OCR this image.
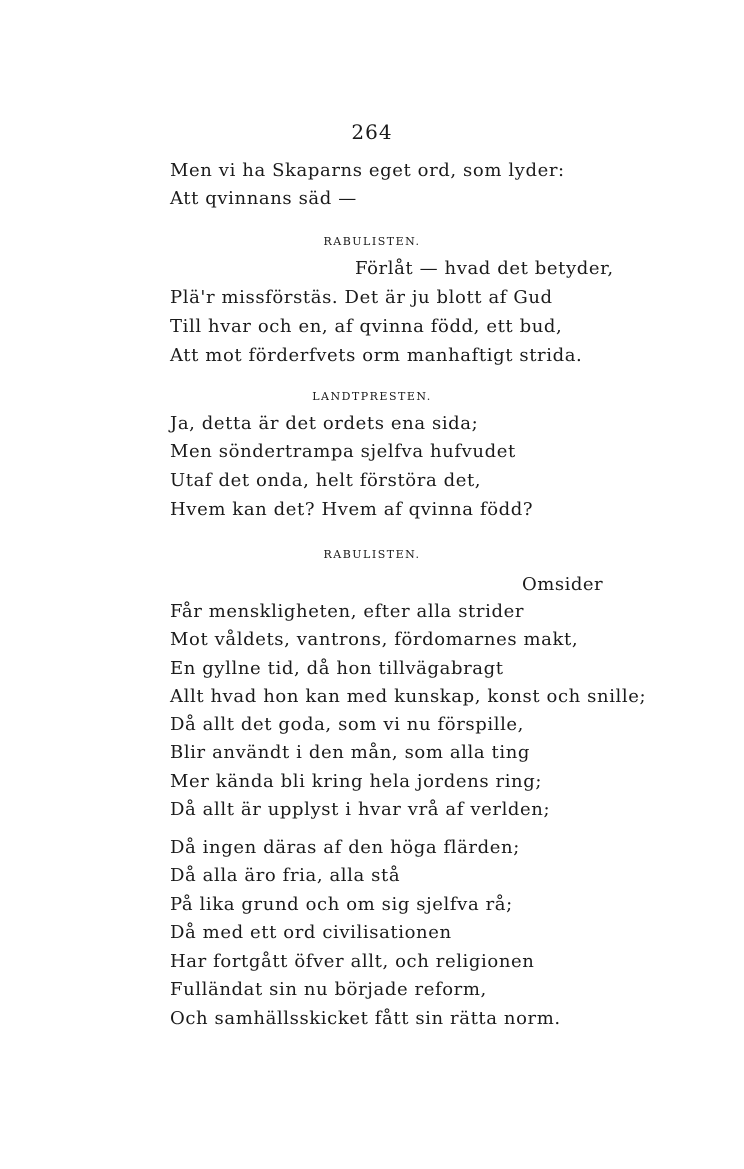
264
Men vi ha Skaparns eget ord, som lyder:
Att qvinnans säd —
RABULISTEN.
Förlåt — hvad det betyder,
Plä'r missförstäs. Det är ju blott af Gud
Till hvar och en, af qvinna född, ett bud,
Att mot förderfvets orm manhaftigt strida.
LANDTPRESTEN.
Ja, detta är det ordets ena sida;
Men söndertrampa sjelfva hufvudet
Utaf det onda, helt förstöra det,
Hvem kan det? Hvem af qvinna född?
RABULISTEN.
Omsider
Får menskligheten, efter alla strider
Mot våldets, vantrons, fördomarnes makt,
En gyllne tid, då hon tillvägabragt
Allt hvad hon kan med kunskap, konst och snille;
Då allt det goda, som vi nu förspille,
Blir användt i den mån, som alla ting
Mer kända bli kring hela jordens ring;
Då allt är upplyst i hvar vrå af verlden;
Då ingen däras af den höga flärden;
Då alla äro fria, alla stå
På lika grund och om sig sjelfva rå;
Då med ett ord civilisationen
Har fortgått öfver allt, och religionen
Fulländat sin nu började reform,
Och samhällsskicket fått sin rätta norm.
